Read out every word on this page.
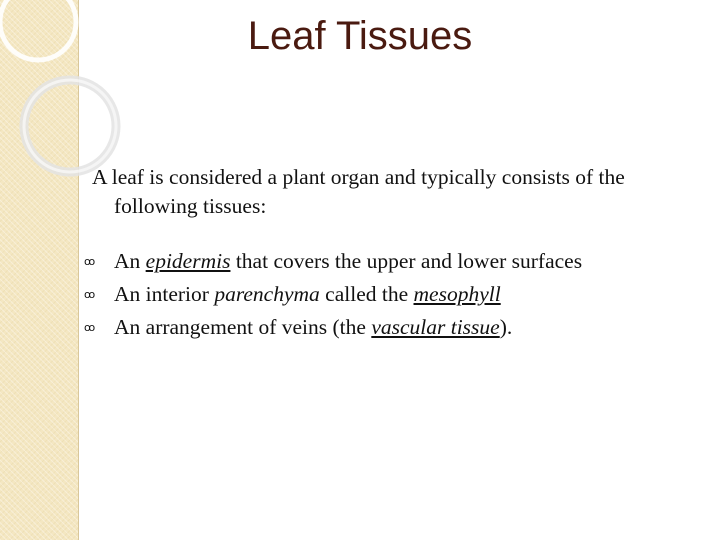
Leaf Tissues

A leaf is considered a plant organ and typically consists of the following tissues:

ꝏ An epidermis that covers the upper and lower surfaces
ꝏ An interior parenchyma called the mesophyll
ꝏ An arrangement of veins (the vascular tissue).
